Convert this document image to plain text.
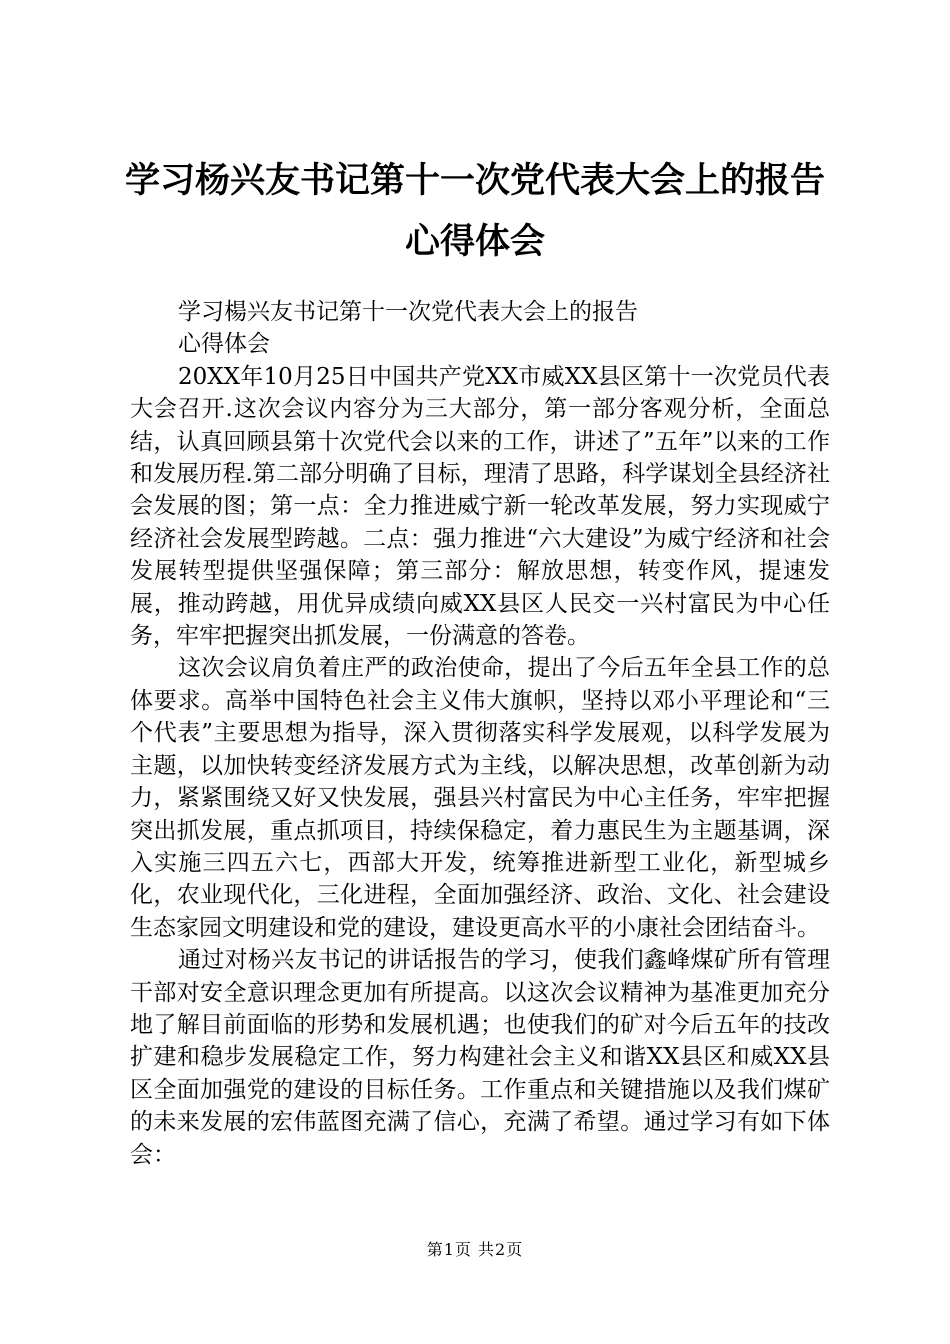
学习杨兴友书记第十一次党代表大会上的报告
心得体会

学习楊兴友书记第十一次党代表大会上的报告

心得体会

20XX年10月25日中国共产党XX市威XX县区第十一次党员代表大会召开.这次会议内容分为三大部分，第一部分客观分析，全面总结，认真回顾县第十次党代会以来的工作，讲述了”五年”以来的工作和发展历程.第二部分明确了目标，理清了思路，科学谋划全县经济社会发展的图；第一点：全力推进威宁新一轮改革发展，努力实现威宁经济社会发展型跨越。二点：强力推进“六大建设”为威宁经济和社会发展转型提供坚强保障；第三部分：解放思想，转变作风，提速发展，推动跨越，用优异成绩向威XX县区人民交一兴村富民为中心任务，牢牢把握突出抓发展，一份满意的答卷。

这次会议肩负着庄严的政治使命，提出了今后五年全县工作的总体要求。高举中国特色社会主义伟大旗帜，坚持以邓小平理论和“三个代表”主要思想为指导，深入贯彻落实科学发展观，以科学发展为主题，以加快转变经济发展方式为主线，以解决思想，改革创新为动力，紧紧围绕又好又快发展，强县兴村富民为中心主任务，牢牢把握突出抓发展，重点抓项目，持续保稳定，着力惠民生为主题基调，深入实施三四五六七，西部大开发，统筹推进新型工业化，新型城乡化，农业现代化，三化进程，全面加强经济、政治、文化、社会建设生态家园文明建设和党的建设，建设更高水平的小康社会团结奋斗。

通过对杨兴友书记的讲话报告的学习，使我们鑫峰煤矿所有管理干部对安全意识理念更加有所提高。以这次会议精神为基准更加充分地了解目前面临的形势和发展机遇；也使我们的矿对今后五年的技改扩建和稳步发展稳定工作，努力构建社会主义和谐XX县区和威XX县区全面加强党的建设的目标任务。工作重点和关键措施以及我们煤矿的未来发展的宏伟蓝图充满了信心，充满了希望。通过学习有如下体会：

第1页 共2页
